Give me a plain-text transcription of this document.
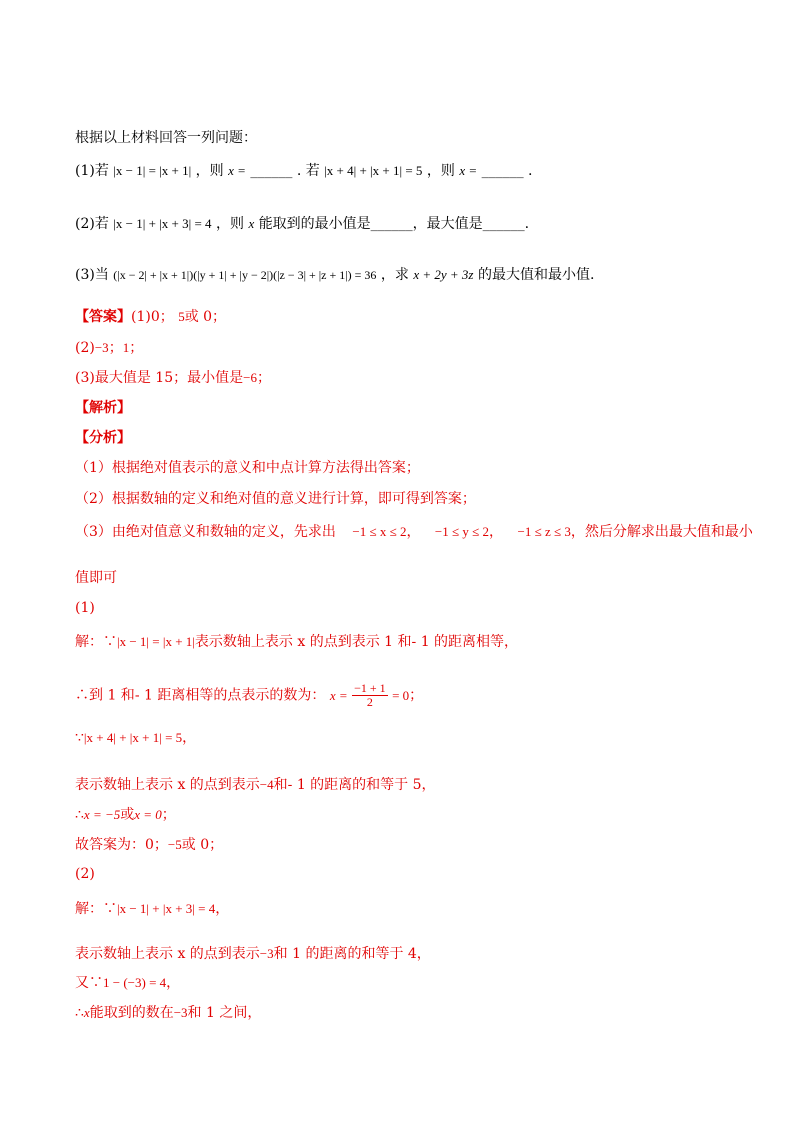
根据以上材料回答一列问题：
(1)若 |x − 1| = |x + 1| ，则 x = ______ . 若 |x + 4| + |x + 1| = 5 ，则 x = ______ .
(2)若 |x − 1| + |x + 3| = 4 ，则 x 能取到的最小值是______，最大值是______.
(3)当 (|x − 2| + |x + 1|)(|y + 1| + |y − 2|)(|z − 3| + |z + 1|) = 36 ，求 x + 2y + 3z 的最大值和最小值.
【答案】(1)0； 5或 0；
(2)−3；1；
(3)最大值是 15；最小值是−6；
【解析】
【分析】
（1）根据绝对值表示的意义和中点计算方法得出答案；
（2）根据数轴的定义和绝对值的意义进行计算，即可得到答案；
（3）由绝对值意义和数轴的定义，先求出 −1 ≤ x ≤ 2， −1 ≤ y ≤ 2， −1 ≤ z ≤ 3，然后分解求出最大值和最小
值即可
(1)
解：∵|x − 1| = |x + 1|表示数轴上表示 x 的点到表示 1 和- 1 的距离相等，
∴到 1 和- 1 距离相等的点表示的数为： $x = \frac{-1 + 1}{2} = 0$；
∵|x + 4| + |x + 1| = 5，
表示数轴上表示 x 的点到表示−4和- 1 的距离的和等于 5，
∴x = −5或x = 0；
故答案为：0；−5或 0；
(2)
解：∵|x − 1| + |x + 3| = 4，
表示数轴上表示 x 的点到表示−3和 1 的距离的和等于 4，
又∵1 − (−3) = 4，
∴x能取到的数在−3和 1 之间，
